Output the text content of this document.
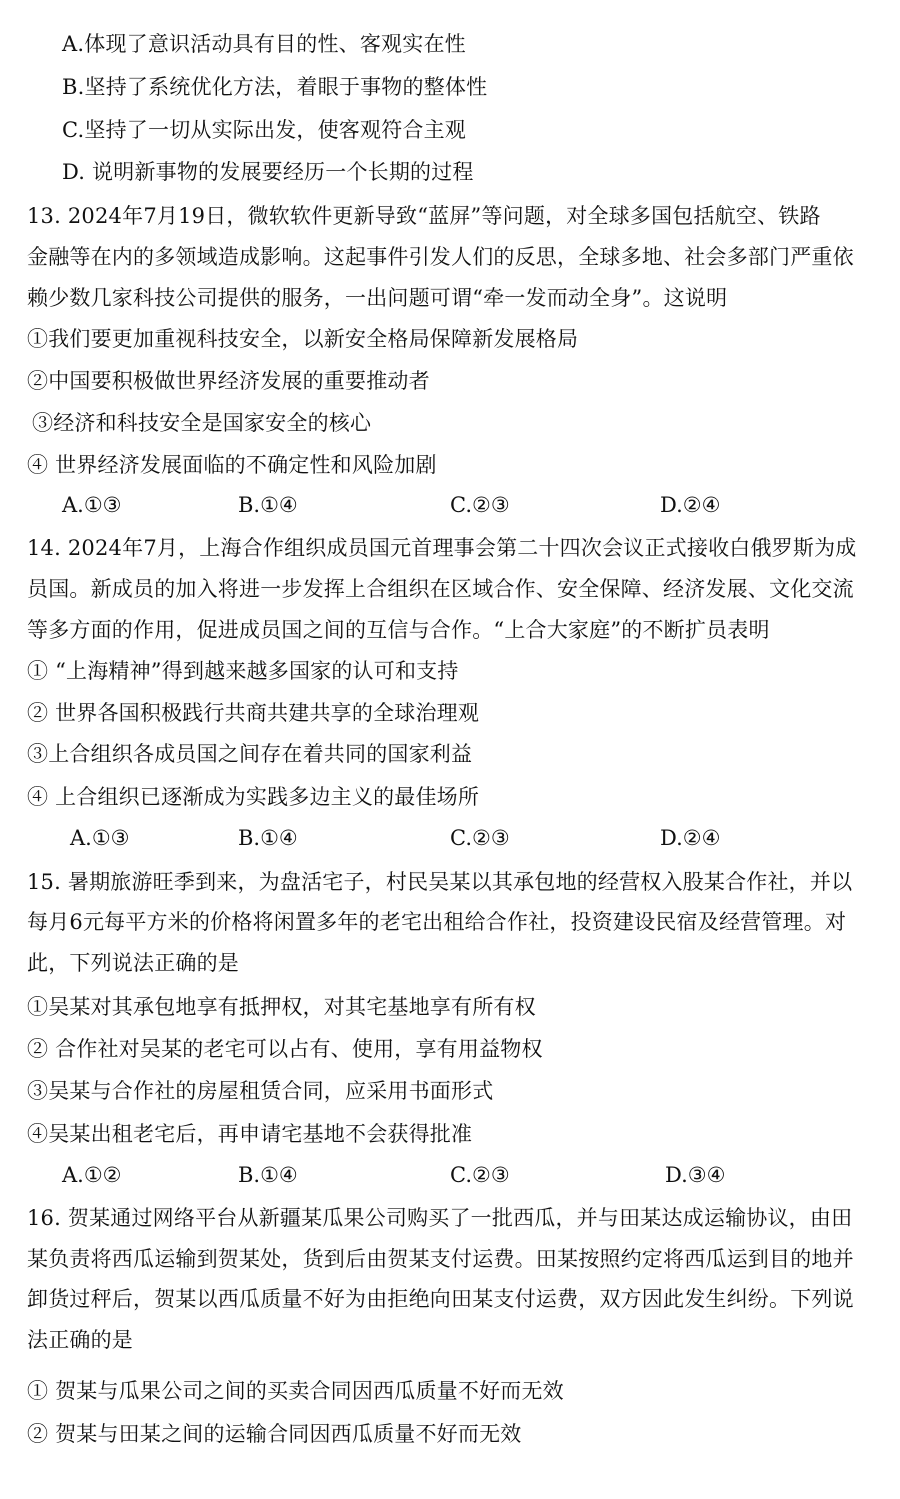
A.体现了意识活动具有目的性、客观实在性
B.坚持了系统优化方法，着眼于事物的整体性
C.坚持了一切从实际出发，使客观符合主观
D. 说明新事物的发展要经历一个长期的过程
13. 2024年7月19日，微软软件更新导致“蓝屏”等问题，对全球多国包括航空、铁路
金融等在内的多领域造成影响。这起事件引发人们的反思，全球多地、社会多部门严重依
赖少数几家科技公司提供的服务，一出问题可谓“牵一发而动全身”。这说明
①我们要更加重视科技安全，以新安全格局保障新发展格局
②中国要积极做世界经济发展的重要推动者
③经济和科技安全是国家安全的核心
④ 世界经济发展面临的不确定性和风险加剧
A.①③	B.①④	C.②③	D.②④
14. 2024年7月，上海合作组织成员国元首理事会第二十四次会议正式接收白俄罗斯为成
员国。新成员的加入将进一步发挥上合组织在区域合作、安全保障、经济发展、文化交流
等多方面的作用，促进成员国之间的互信与合作。“上合大家庭”的不断扩员表明
① “上海精神”得到越来越多国家的认可和支持
② 世界各国积极践行共商共建共享的全球治理观
③上合组织各成员国之间存在着共同的国家利益
④ 上合组织已逐渐成为实践多边主义的最佳场所
A.①③	B.①④	C.②③	D.②④
15. 暑期旅游旺季到来，为盘活宅子，村民吴某以其承包地的经营权入股某合作社，并以
每月6元每平方米的价格将闲置多年的老宅出租给合作社，投资建设民宿及经营管理。对
此，下列说法正确的是
①吴某对其承包地享有抵押权，对其宅基地享有所有权
② 合作社对吴某的老宅可以占有、使用，享有用益物权
③吴某与合作社的房屋租赁合同，应采用书面形式
④吴某出租老宅后，再申请宅基地不会获得批准
A.①②	B.①④	C.②③	D.③④
16. 贺某通过网络平台从新疆某瓜果公司购买了一批西瓜，并与田某达成运输协议，由田
某负责将西瓜运输到贺某处，货到后由贺某支付运费。田某按照约定将西瓜运到目的地并
卸货过秤后，贺某以西瓜质量不好为由拒绝向田某支付运费，双方因此发生纠纷。下列说
法正确的是
① 贺某与瓜果公司之间的买卖合同因西瓜质量不好而无效
② 贺某与田某之间的运输合同因西瓜质量不好而无效
